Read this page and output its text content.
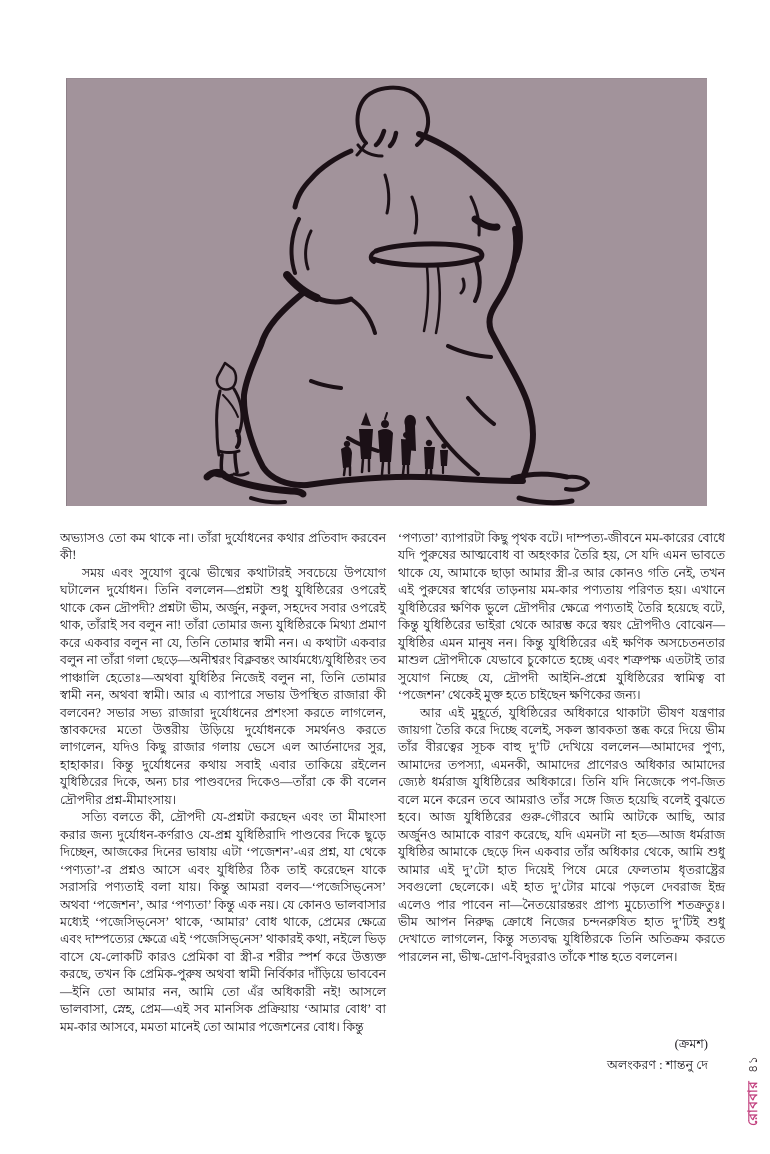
অভ্যাসও তো কম থাকে না। তাঁরা দুর্যোধনের কথার প্রতিবাদ করবেন কী!

সময় এবং সুযোগ বুঝে ভীষ্মের কথাটারই সবচেয়ে উপযোগ ঘটালেন দুর্যোধন। তিনি বললেন—প্রশ্নটা শুধু যুধিষ্ঠিরের ওপরেই থাকে কেন দ্রৌপদী? প্রশ্নটা ভীম, অর্জুন, নকুল, সহদেব সবার ওপরেই থাক, তাঁরাই সব বলুন না! তাঁরা তোমার জন্য যুধিষ্ঠিরকে মিথ্যা প্রমাণ করে একবার বলুন না যে, তিনি তোমার স্বামী নন। এ কথাটা একবার বলুন না তাঁরা গলা ছেড়ে—অনীশ্বরং বিক্লবন্তং আর্যমধ্যে/যুধিষ্ঠিরং তব পাঞ্চালি হেতোঃ—অথবা যুধিষ্ঠির নিজেই বলুন না, তিনি তোমার স্বামী নন, অথবা স্বামী। আর এ ব্যাপারে সভায় উপস্থিত রাজারা কী বলবেন? সভার সভ্য রাজারা দুর্যোধনের প্রশংসা করতে লাগলেন, স্তাবকদের মতো উত্তরীয় উড়িয়ে দুর্যোধনকে সমর্থনও করতে লাগলেন, যদিও কিছু রাজার গলায় ভেসে এল আর্তনাদের সুর, হাহাকার। কিন্তু দুর্যোধনের কথায় সবাই এবার তাকিয়ে রইলেন যুধিষ্ঠিরের দিকে, অন্য চার পাণ্ডবদের দিকেও—তাঁরা কে কী বলেন দ্রৌপদীর প্রশ্ন-মীমাংসায়।

সত্যি বলতে কী, দ্রৌপদী যে-প্রশ্নটা করছেন এবং তা মীমাংসা করার জন্য দুর্যোধন-কর্ণরাও যে-প্রশ্ন যুধিষ্ঠিরাদি পাণ্ডবের দিকে ছুড়ে দিচ্ছেন, আজকের দিনের ভাষায় এটা ‘পজেশন’-এর প্রশ্ন, যা থেকে ‘পণ্যতা’-র প্রশ্নও আসে এবং যুধিষ্ঠির ঠিক তাই করেছেন যাকে সরাসরি পণ্যতাই বলা যায়। কিন্তু আমরা বলব—‘পজেসিভ্‌নেস’ অথবা ‘পজেশন’, আর ‘পণ্যতা’ কিন্তু এক নয়। যে কোনও ভালবাসার মধ্যেই ‘পজেসিভ্‌নেস’ থাকে, ‘আমার’ বোধ থাকে, প্রেমের ক্ষেত্রে এবং দাম্পত্যের ক্ষেত্রে এই ‘পজেসিভ্‌নেস’ থাকারই কথা, নইলে ভিড় বাসে যে-লোকটি কারও প্রেমিকা বা স্ত্রী-র শরীর স্পর্শ করে উত্ত্যক্ত করছে, তখন কি প্রেমিক-পুরুষ অথবা স্বামী নির্বিকার দাঁড়িয়ে ভাববেন—ইনি তো আমার নন, আমি তো এঁর অধিকারী নই! আসলে ভালবাসা, স্নেহ, প্রেম—এই সব মানসিক প্রক্রিয়ায় ‘আমার বোধ’ বা মম-কার আসবে, মমতা মানেই তো আমার পজেশনের বোধ। কিন্তু

‘পণ্যতা’ ব্যাপারটা কিছু পৃথক বটে। দাম্পত্য-জীবনে মম-কারের বোধে যদি পুরুষের আত্মবোধ বা অহংকার তৈরি হয়, সে যদি এমন ভাবতে থাকে যে, আমাকে ছাড়া আমার স্ত্রী-র আর কোনও গতি নেই, তখন এই পুরুষের স্বার্থের তাড়নায় মম-কার পণ্যতায় পরিণত হয়। এখানে যুধিষ্ঠিরের ক্ষণিক ভুলে দ্রৌপদীর ক্ষেত্রে পণ্যতাই তৈরি হয়েছে বটে, কিন্তু যুধিষ্ঠিরের ভাইরা থেকে আরম্ভ করে স্বয়ং দ্রৌপদীও বোঝেন—যুধিষ্ঠির এমন মানুষ নন। কিন্তু যুধিষ্ঠিরের এই ক্ষণিক অসচেতনতার মাশুল দ্রৌপদীকে যেভাবে চুকোতে হচ্ছে এবং শত্রুপক্ষ এতটাই তার সুযোগ নিচ্ছে যে, দ্রৌপদী আইনি-প্রশ্নে যুধিষ্ঠিরের স্বামিত্ব বা ‘পজেশন’ থেকেই মুক্ত হতে চাইছেন ক্ষণিকের জন্য।

আর এই মুহূর্তে, যুধিষ্ঠিরের অধিকারে থাকাটা ভীষণ যন্ত্রণার জায়গা তৈরি করে দিচ্ছে বলেই, সকল স্তাবকতা স্তব্ধ করে দিয়ে ভীম তাঁর বীরত্বের সূচক বাহু দু’টি দেখিয়ে বললেন—আমাদের পুণ্য, আমাদের তপস্যা, এমনকী, আমাদের প্রাণেরও অধিকার আমাদের জ্যেষ্ঠ ধর্মরাজ যুধিষ্ঠিরের অধিকারে। তিনি যদি নিজেকে পণ-জিত বলে মনে করেন তবে আমরাও তাঁর সঙ্গে জিত হয়েছি বলেই বুঝতে হবে। আজ যুধিষ্ঠিরের গুরু-গৌরবে আমি আটকে আছি, আর অর্জুনও আমাকে বারণ করেছে, যদি এমনটা না হত—আজ ধর্মরাজ যুধিষ্ঠির আমাকে ছেড়ে দিন একবার তাঁর অধিকার থেকে, আমি শুধু আমার এই দু’টো হাত দিয়েই পিষে মেরে ফেলতাম ধৃতরাষ্ট্রের সবগুলো ছেলেকে। এই হাত দু’টোর মাঝে পড়লে দেবরাজ ইন্দ্র এলেও পার পাবেন না—নৈতয়োরন্তরং প্রাপ্য মুচ্যেতাপি শতক্রতুঃ। ভীম আপন নিরুদ্ধ ক্রোধে নিজের চন্দনরুষিত হাত দু’টিই শুধু দেখাতে লাগলেন, কিন্তু সত্যবদ্ধ যুধিষ্ঠিরকে তিনি অতিক্রম করতে পারলেন না, ভীষ্ম-দ্রোণ-বিদুররাও তাঁকে শান্ত হতে বললেন।

(ক্রমশ)
অলংকরণ : শান্তনু দে
রোববার৪১
